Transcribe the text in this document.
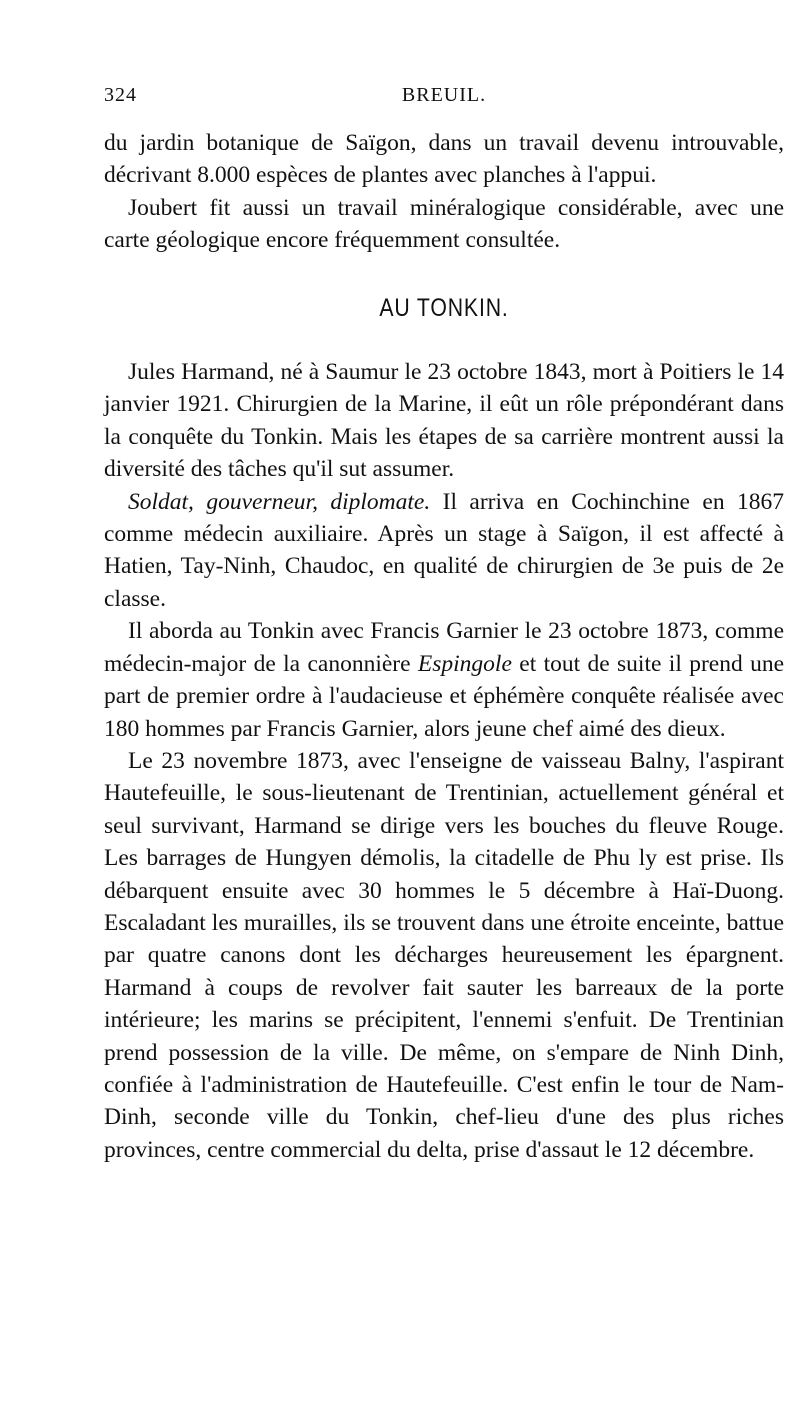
324	BREUIL.

du jardin botanique de Saïgon, dans un travail devenu introuvable, décrivant 8.000 espèces de plantes avec planches à l'appui.

Joubert fit aussi un travail minéralogique considérable, avec une carte géologique encore fréquemment consultée.

AU TONKIN.

Jules Harmand, né à Saumur le 23 octobre 1843, mort à Poitiers le 14 janvier 1921. Chirurgien de la Marine, il eût un rôle prépondérant dans la conquête du Tonkin. Mais les étapes de sa carrière montrent aussi la diversité des tâches qu'il sut assumer.

Soldat, gouverneur, diplomate. Il arriva en Cochinchine en 1867 comme médecin auxiliaire. Après un stage à Saïgon, il est affecté à Hatien, Tay-Ninh, Chaudoc, en qualité de chirurgien de 3e puis de 2e classe.

Il aborda au Tonkin avec Francis Garnier le 23 octobre 1873, comme médecin-major de la canonnière Espingole et tout de suite il prend une part de premier ordre à l'audacieuse et éphémère conquête réalisée avec 180 hommes par Francis Garnier, alors jeune chef aimé des dieux.

Le 23 novembre 1873, avec l'enseigne de vaisseau Balny, l'aspirant Hautefeuille, le sous-lieutenant de Trentinian, actuellement général et seul survivant, Harmand se dirige vers les bouches du fleuve Rouge. Les barrages de Hungyen démolis, la citadelle de Phu ly est prise. Ils débarquent ensuite avec 30 hommes le 5 décembre à Haï-Duong. Escaladant les murailles, ils se trouvent dans une étroite enceinte, battue par quatre canons dont les décharges heureusement les épargnent. Harmand à coups de revolver fait sauter les barreaux de la porte intérieure; les marins se précipitent, l'ennemi s'enfuit. De Trentinian prend possession de la ville. De même, on s'empare de Ninh Dinh, confiée à l'administration de Hautefeuille. C'est enfin le tour de Nam-Dinh, seconde ville du Tonkin, chef-lieu d'une des plus riches provinces, centre commercial du delta, prise d'assaut le 12 décembre.
